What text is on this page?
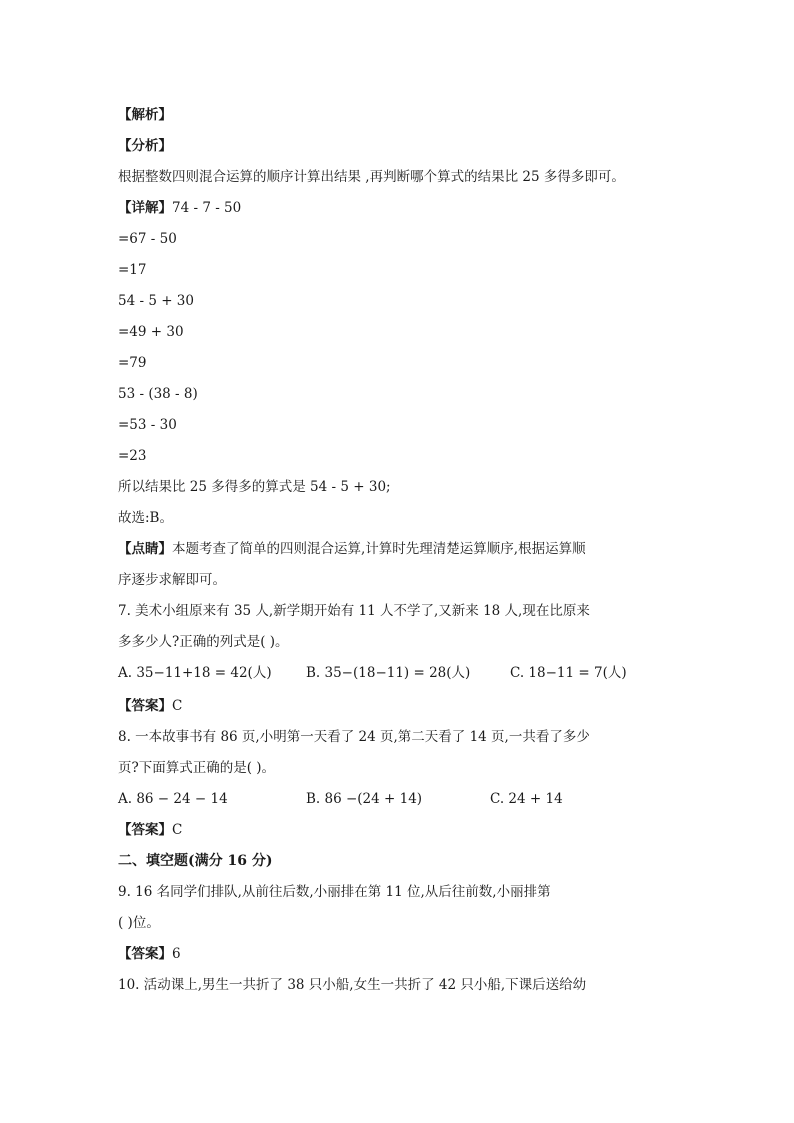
【解析】
【分析】
根据整数四则混合运算的顺序计算出结果 ,再判断哪个算式的结果比 25 多得多即可。
【详解】74 - 7 - 50
=67 - 50
=17
54 - 5 + 30
=49 + 30
=79
53 - (38 - 8)
=53 - 30
=23
所以结果比 25 多得多的算式是 54 - 5 + 30;
故选:B。
【点睛】本题考查了简单的四则混合运算,计算时先理清楚运算顺序,根据运算顺
序逐步求解即可。
7. 美术小组原来有 35 人,新学期开始有 11 人不学了,又新来 18 人,现在比原来
多多少人?正确的列式是( )。
A. 35−11+18 = 42(人)	B. 35−(18−11) = 28(人)	C. 18−11 = 7(人)
【答案】C
8. 一本故事书有 86 页,小明第一天看了 24 页,第二天看了 14 页,一共看了多少
页?下面算式正确的是( )。
A. 86 − 24 − 14	B. 86 −(24 + 14)	C. 24 + 14
【答案】C
二、填空题(满分 16 分)
9. 16 名同学们排队,从前往后数,小丽排在第 11 位,从后往前数,小丽排第
( )位。
【答案】6
10. 活动课上,男生一共折了 38 只小船,女生一共折了 42 只小船,下课后送给幼
